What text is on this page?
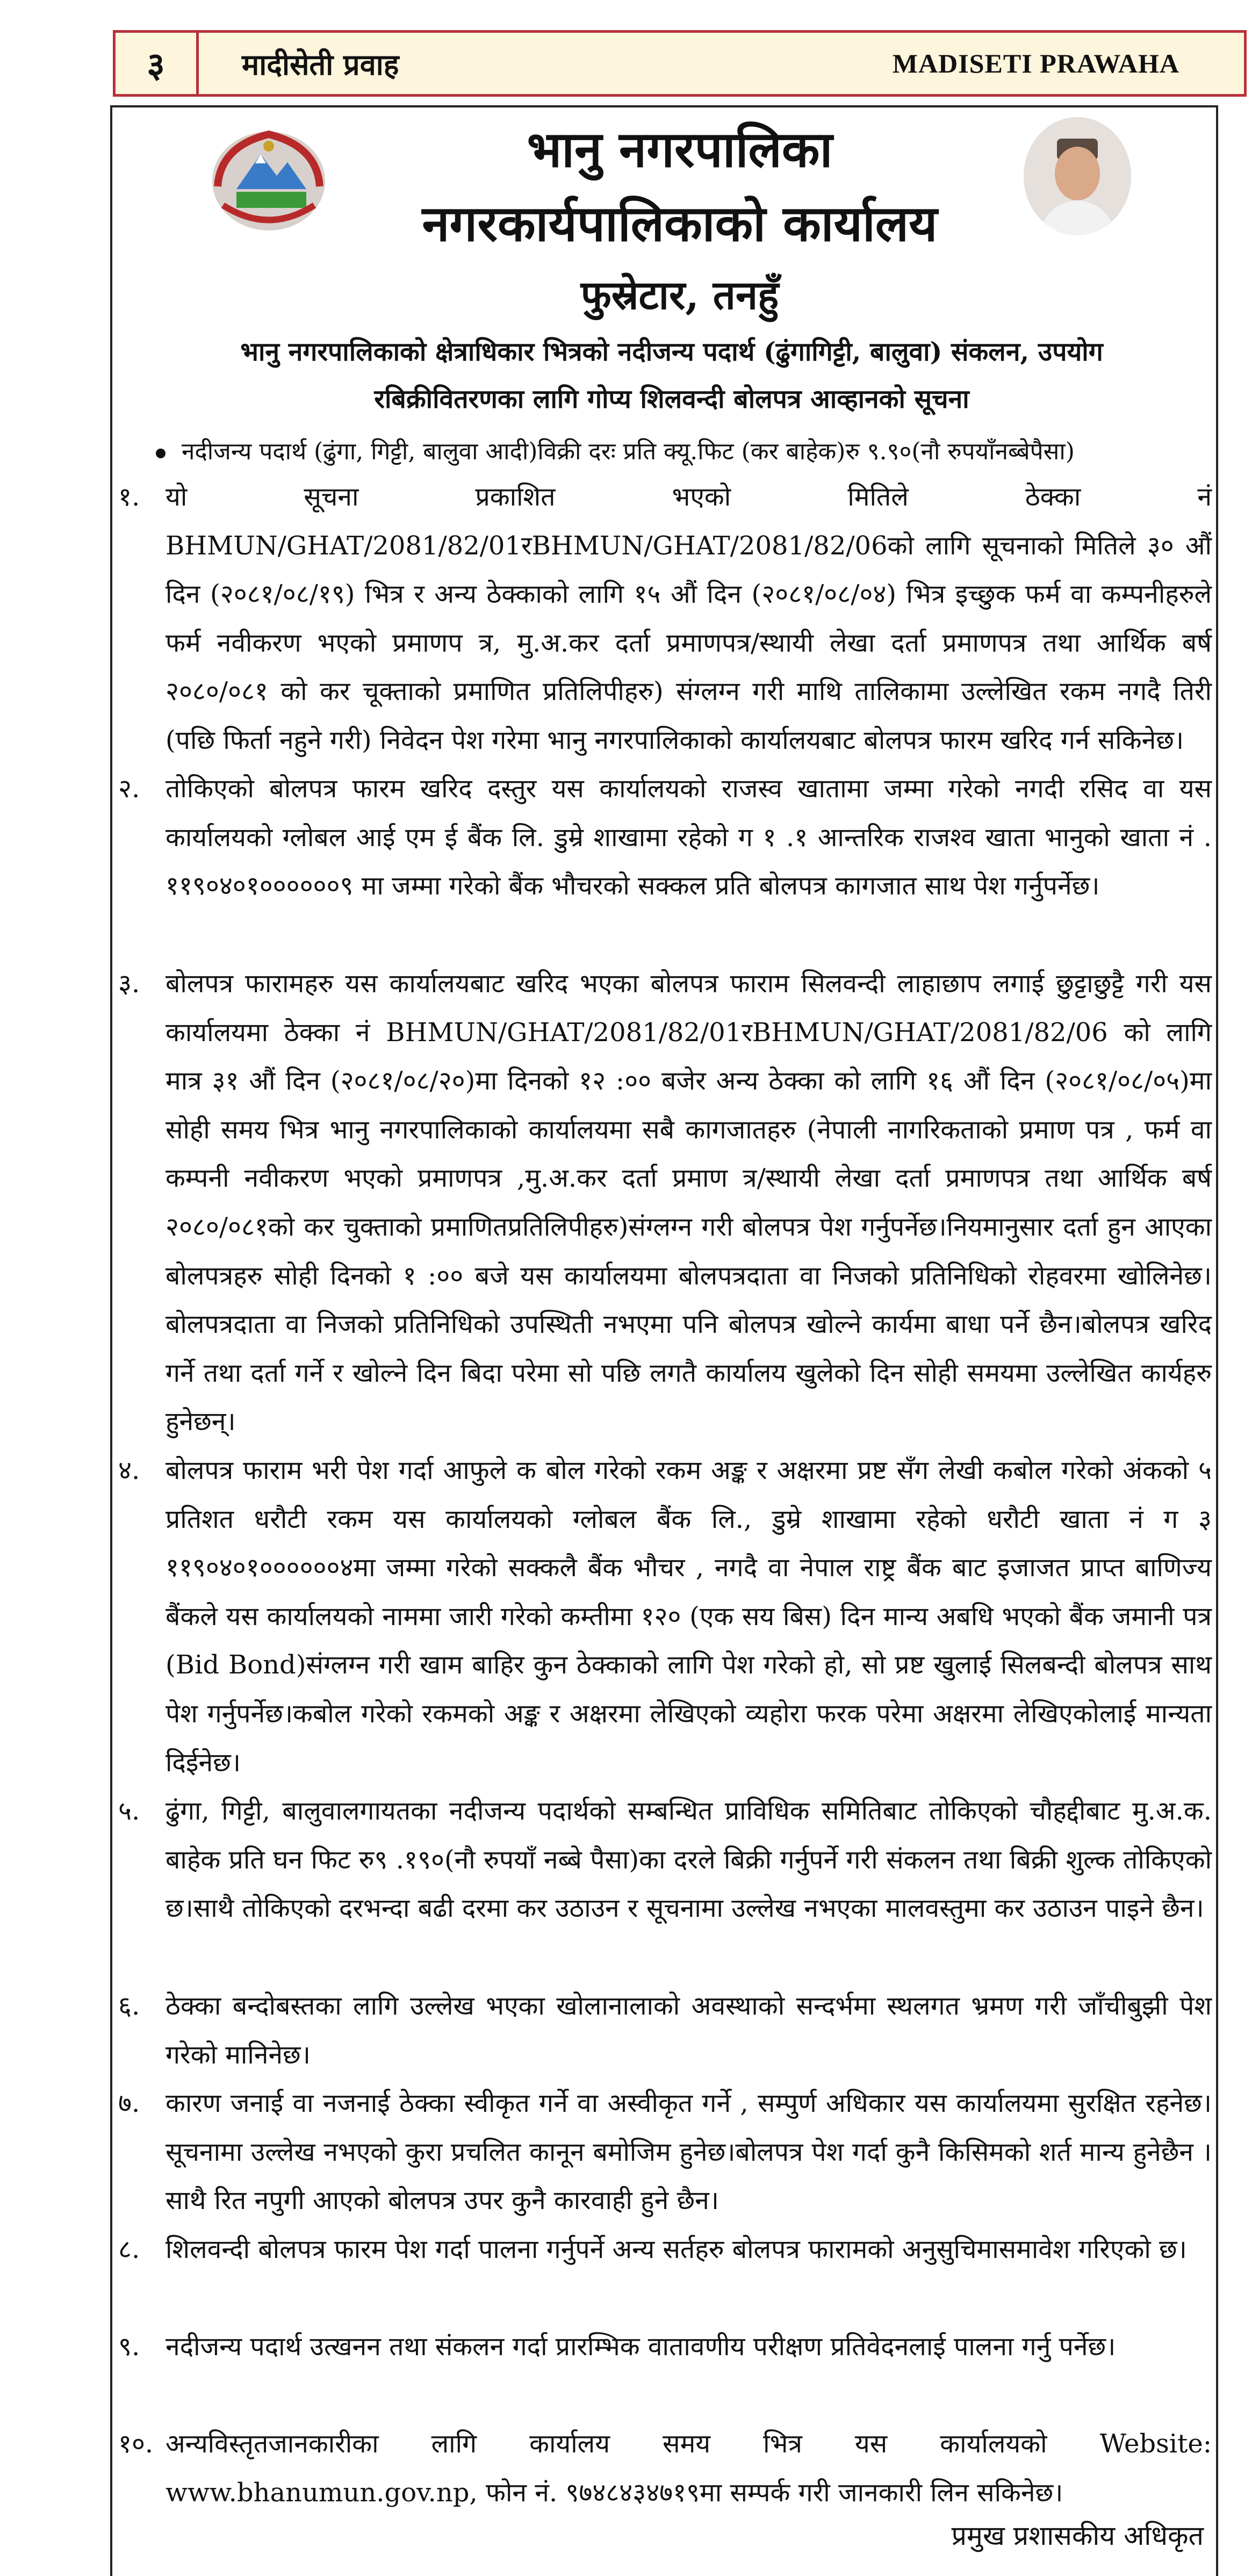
३	मादीसेती प्रवाह	MADISETI PRAWAHA
भानु नगरपालिका
नगरकार्यपालिकाको कार्यालय
फुस्रेटार, तनहुँ
भानु नगरपालिकाको क्षेत्राधिकार भित्रको नदीजन्य पदार्थ (ढुंगागिट्टी, बालुवा) संकलन, उपयोग
रबिक्रीवितरणका लागि गोप्य शिलवन्दी बोलपत्र आव्हानको सूचना
नदीजन्य पदार्थ (ढुंगा, गिट्टी, बालुवा आदी)विक्री दरः प्रति क्यू.फिट (कर बाहेक)रु ९.९०(नौ रुपयाँनब्बेपैसा)
१. यो सूचना प्रकाशित भएको मितिले ठेक्का नं BHMUN/GHAT/2081/82/01रBHMUN/GHAT/2081/82/06को लागि सूचनाको मितिले ३० औं दिन (२०८१/०८/१९) भित्र र अन्य ठेक्काको लागि १५ औं दिन (२०८१/०८/०४) भित्र इच्छुक फर्म वा कम्पनीहरुले फर्म नवीकरण भएको प्रमाणप त्र, मु.अ.कर दर्ता प्रमाणपत्र/स्थायी लेखा दर्ता प्रमाणपत्र तथा आर्थिक बर्ष २०८०/०८१ को कर चूक्ताको प्रमाणित प्रतिलिपीहरु) संग्लग्न गरी माथि तालिकामा उल्लेखित रकम नगदै तिरी (पछि फिर्ता नहुने गरी) निवेदन पेश गरेमा भानु नगरपालिकाको कार्यालयबाट बोलपत्र फारम खरिद गर्न सकिनेछ।
२. तोकिएको बोलपत्र फारम खरिद दस्तुर यस कार्यालयको राजस्व खातामा जम्मा गरेको नगदी रसिद वा यस कार्यालयको ग्लोबल आई एम ई बैंक लि. डुम्रे शाखामा रहेको ग १ .१ आन्तरिक राजश्व खाता भानुको खाता नं . ११९०४०१००००००९ मा जम्मा गरेको बैंक भौचरको सक्कल प्रति बोलपत्र कागजात साथ पेश गर्नुपर्नेछ।
३. बोलपत्र फारामहरु यस कार्यालयबाट खरिद भएका बोलपत्र फाराम सिलवन्दी लाहाछाप लगाई छुट्टाछुट्टै गरी यस कार्यालयमा ठेक्का नं BHMUN/GHAT/2081/82/01रBHMUN/GHAT/2081/82/06 को लागि मात्र ३१ औं दिन (२०८१/०८/२०)मा दिनको १२ :०० बजेर अन्य ठेक्का को लागि १६ औं दिन (२०८१/०८/०५)मा सोही समय भित्र भानु नगरपालिकाको कार्यालयमा सबै कागजातहरु (नेपाली नागरिकताको प्रमाण पत्र , फर्म वा कम्पनी नवीकरण भएको प्रमाणपत्र ,मु.अ.कर दर्ता प्रमाण त्र/स्थायी लेखा दर्ता प्रमाणपत्र तथा आर्थिक बर्ष २०८०/०८१को कर चुक्ताको प्रमाणितप्रतिलिपीहरु)संग्लग्न गरी बोलपत्र पेश गर्नुपर्नेछ।नियमानुसार दर्ता हुन आएका बोलपत्रहरु सोही दिनको १ :०० बजे यस कार्यालयमा बोलपत्रदाता वा निजको प्रतिनिधिको रोहवरमा खोलिनेछ।बोलपत्रदाता वा निजको प्रतिनिधिको उपस्थिती नभएमा पनि बोलपत्र खोल्ने कार्यमा बाधा पर्ने छैन।बोलपत्र खरिद गर्ने तथा दर्ता गर्ने र खोल्ने दिन बिदा परेमा सो पछि लगतै कार्यालय खुलेको दिन सोही समयमा उल्लेखित कार्यहरु हुनेछन्।
४. बोलपत्र फाराम भरी पेश गर्दा आफुले क बोल गरेको रकम अङ्क र अक्षरमा प्रष्ट सँग लेखी कबोल गरेको अंकको ५ प्रतिशत धरौटी रकम यस कार्यालयको ग्लोबल बैंक लि., डुम्रे शाखामा रहेको धरौटी खाता नं ग ३ ११९०४०१००००००४मा जम्मा गरेको सक्कलै बैंक भौचर , नगदै वा नेपाल राष्ट्र बैंक बाट इजाजत प्राप्त बाणिज्य बैंकले यस कार्यालयको नाममा जारी गरेको कम्तीमा १२० (एक सय बिस) दिन मान्य अबधि भएको बैंक जमानी पत्र (Bid Bond)संग्लग्न गरी खाम बाहिर कुन ठेक्काको लागि पेश गरेको हो, सो प्रष्ट खुलाई सिलबन्दी बोलपत्र साथ पेश गर्नुपर्नेछ।कबोल गरेको रकमको अङ्क र अक्षरमा लेखिएको व्यहोरा फरक परेमा अक्षरमा लेखिएकोलाई मान्यता दिईनेछ।
५. ढुंगा, गिट्टी, बालुवालगायतका नदीजन्य पदार्थको सम्बन्धित प्राविधिक समितिबाट तोकिएको चौहद्दीबाट मु.अ.क. बाहेक प्रति घन फिट रु९ .१९०(नौ रुपयाँ नब्बे पैसा)का दरले बिक्री गर्नुपर्ने गरी संकलन तथा बिक्री शुल्क तोकिएको छ।साथै तोकिएको दरभन्दा बढी दरमा कर उठाउन र सूचनामा उल्लेख नभएका मालवस्तुमा कर उठाउन पाइने छैन।
६. ठेक्का बन्दोबस्तका लागि उल्लेख भएका खोलानालाको अवस्थाको सन्दर्भमा स्थलगत भ्रमण गरी जाँचीबुझी पेश गरेको मानिनेछ।
७. कारण जनाई वा नजनाई ठेक्का स्वीकृत गर्ने वा अस्वीकृत गर्ने , सम्पुर्ण अधिकार यस कार्यालयमा सुरक्षित रहनेछ।सूचनामा उल्लेख नभएको कुरा प्रचलित कानून बमोजिम हुनेछ।बोलपत्र पेश गर्दा कुनै किसिमको शर्त मान्य हुनेछैन ।साथै रित नपुगी आएको बोलपत्र उपर कुनै कारवाही हुने छैन।
८. शिलवन्दी बोलपत्र फारम पेश गर्दा पालना गर्नुपर्ने अन्य सर्तहरु बोलपत्र फारामको अनुसुचिमासमावेश गरिएको छ।
९. नदीजन्य पदार्थ उत्खनन तथा संकलन गर्दा प्रारम्भिक वातावणीय परीक्षण प्रतिवेदनलाई पालना गर्नु पर्नेछ।
१०. अन्यविस्तृतजानकारीका लागि कार्यालय समय भित्र यस कार्यालयको Website: www.bhanumun.gov.np, फोन नं. ९७४८४३४७१९मा सम्पर्क गरी जानकारी लिन सकिनेछ।
प्रमुख प्रशासकीय अधिकृत
